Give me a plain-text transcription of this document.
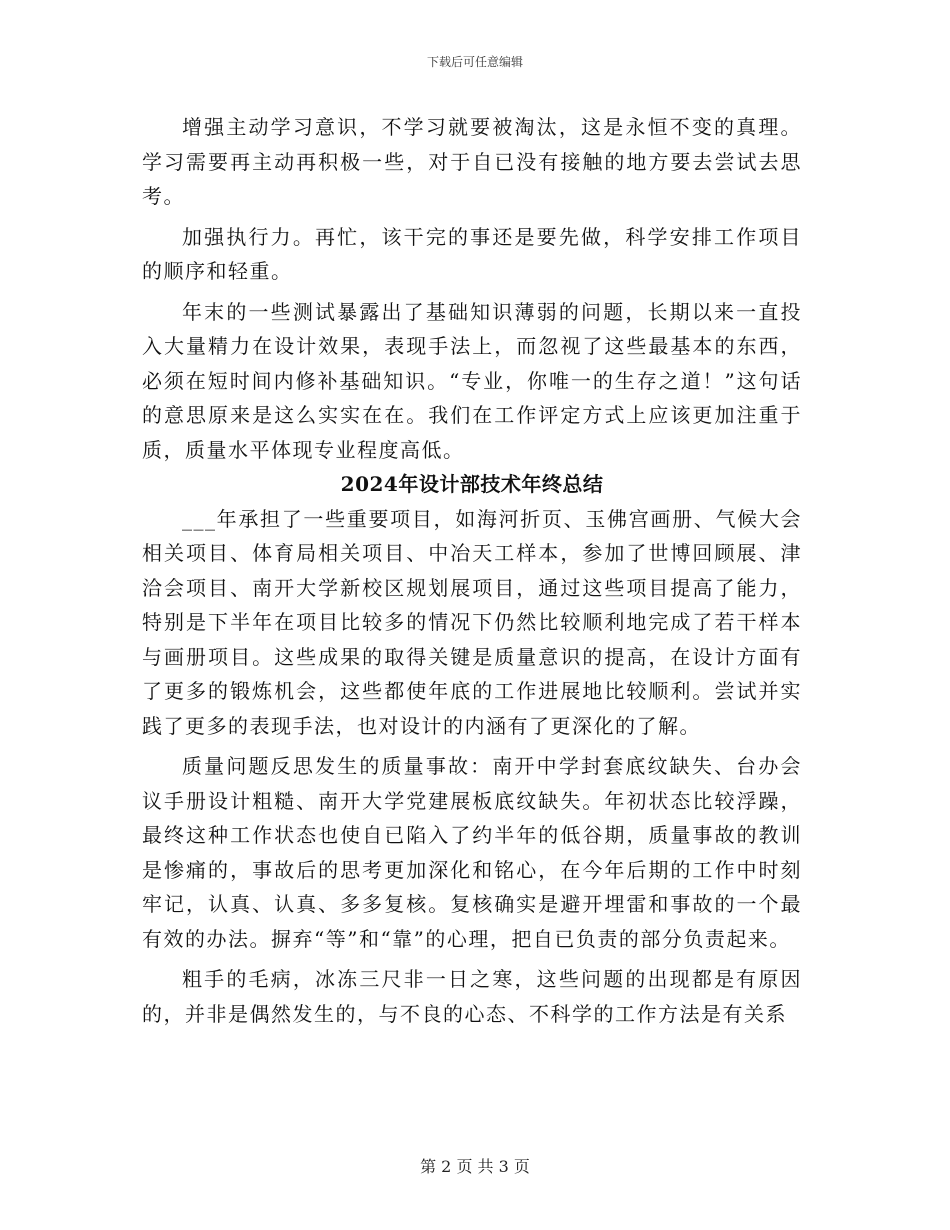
下载后可任意编辑

增强主动学习意识，不学习就要被淘汰，这是永恒不变的真理。学习需要再主动再积极一些，对于自已没有接触的地方要去尝试去思考。

加强执行力。再忙，该干完的事还是要先做，科学安排工作项目的顺序和轻重。

年末的一些测试暴露出了基础知识薄弱的问题，长期以来一直投入大量精力在设计效果，表现手法上，而忽视了这些最基本的东西，必须在短时间内修补基础知识。“专业，你唯一的生存之道！”这句话的意思原来是这么实实在在。我们在工作评定方式上应该更加注重于质，质量水平体现专业程度高低。

2024年设计部技术年终总结

___年承担了一些重要项目，如海河折页、玉佛宫画册、气候大会相关项目、体育局相关项目、中冶天工样本，参加了世博回顾展、津洽会项目、南开大学新校区规划展项目，通过这些项目提高了能力，特别是下半年在项目比较多的情况下仍然比较顺利地完成了若干样本与画册项目。这些成果的取得关键是质量意识的提高，在设计方面有了更多的锻炼机会，这些都使年底的工作进展地比较顺利。尝试并实践了更多的表现手法，也对设计的内涵有了更深化的了解。

质量问题反思发生的质量事故：南开中学封套底纹缺失、台办会议手册设计粗糙、南开大学党建展板底纹缺失。年初状态比较浮躁，最终这种工作状态也使自已陷入了约半年的低谷期，质量事故的教训是惨痛的，事故后的思考更加深化和铭心，在今年后期的工作中时刻牢记，认真、认真、多多复核。复核确实是避开埋雷和事故的一个最有效的办法。摒弃“等”和“靠”的心理，把自已负责的部分负责起来。

粗手的毛病，冰冻三尺非一日之寒，这些问题的出现都是有原因的，并非是偶然发生的，与不良的心态、不科学的工作方法是有关系

第 2 页 共 3 页
